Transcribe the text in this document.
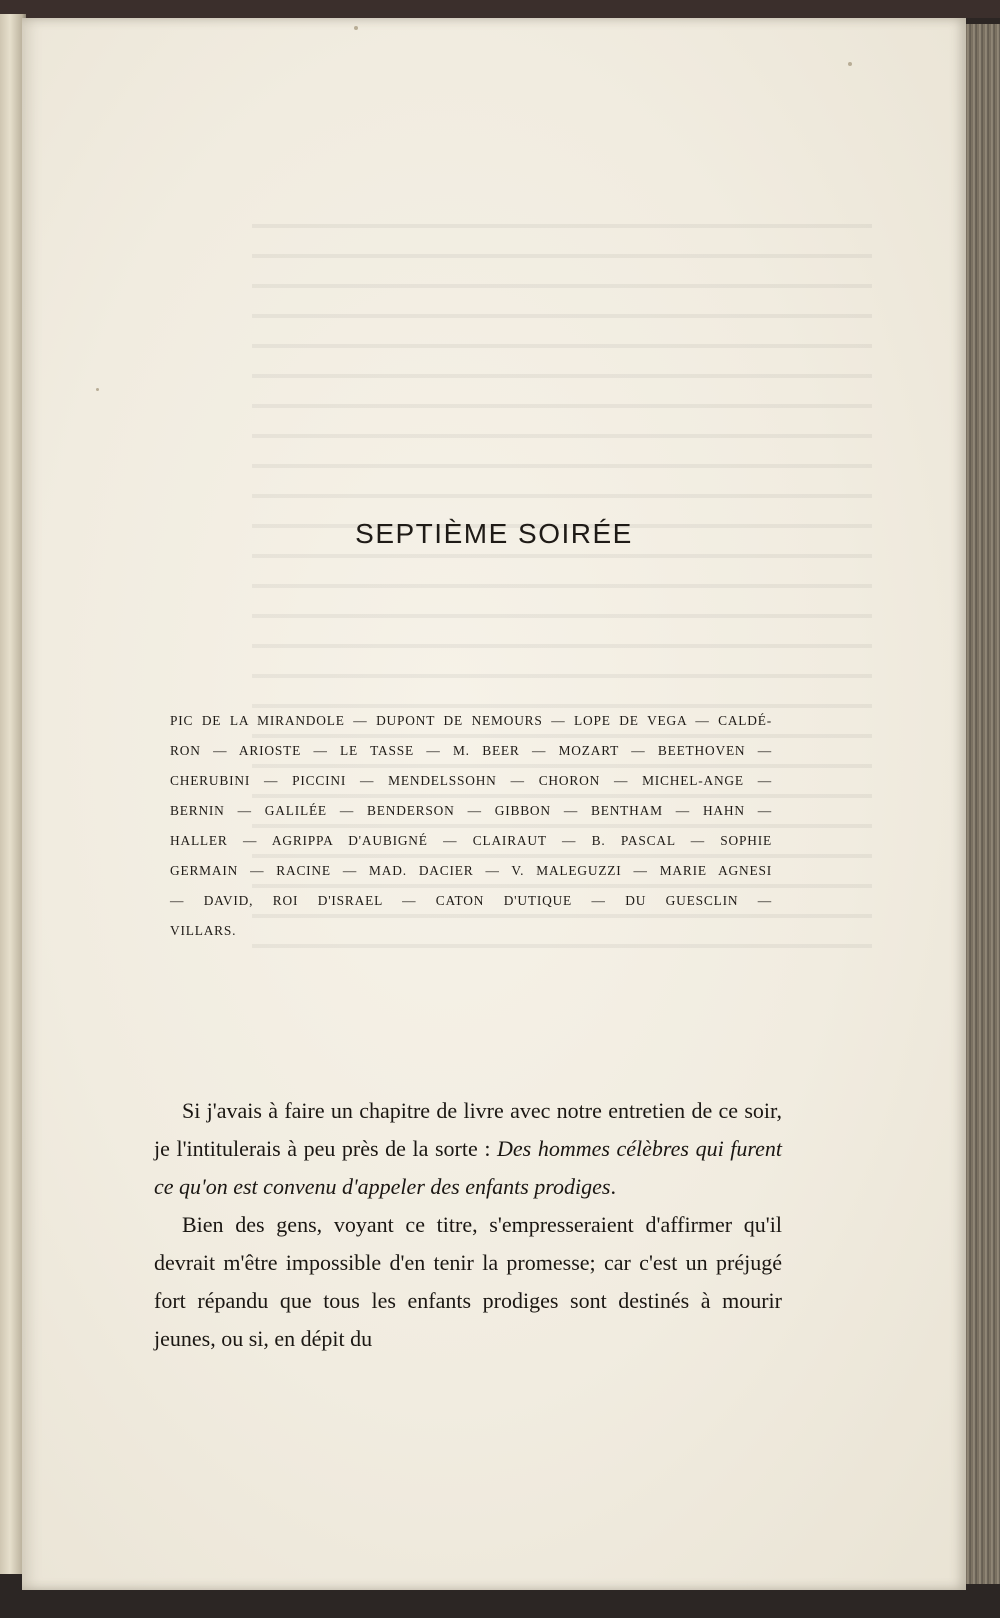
SEPTIÈME SOIRÉE
PIC DE LA MIRANDOLE — DUPONT DE NEMOURS — LOPE DE VEGA — CALDÉ-
RON — ARIOSTE — LE TASSE — M. BEER — MOZART — BEETHOVEN —
CHERUBINI — PICCINI — MENDELSSOHN — CHORON — MICHEL-ANGE —
BERNIN — GALILÉE — BENDERSON — GIBBON — BENTHAM — HAHN —
HALLER — AGRIPPA D'AUBIGNÉ — CLAIRAUT — B. PASCAL — SOPHIE
GERMAIN — RACINE — MAD. DACIER — V. MALEGUZZI — MARIE AGNESI
— DAVID, ROI D'ISRAEL — CATON D'UTIQUE — DU GUESCLIN —
VILLARS.

Si j'avais à faire un chapitre de livre avec notre entretien de ce soir, je l'intitulerais à peu près de la sorte : Des hommes célèbres qui furent ce qu'on est convenu d'appeler des enfants prodiges.

Bien des gens, voyant ce titre, s'empresseraient d'affirmer qu'il devrait m'être impossible d'en tenir la promesse; car c'est un préjugé fort répandu que tous les enfants prodiges sont destinés à mourir jeunes, ou si, en dépit du
